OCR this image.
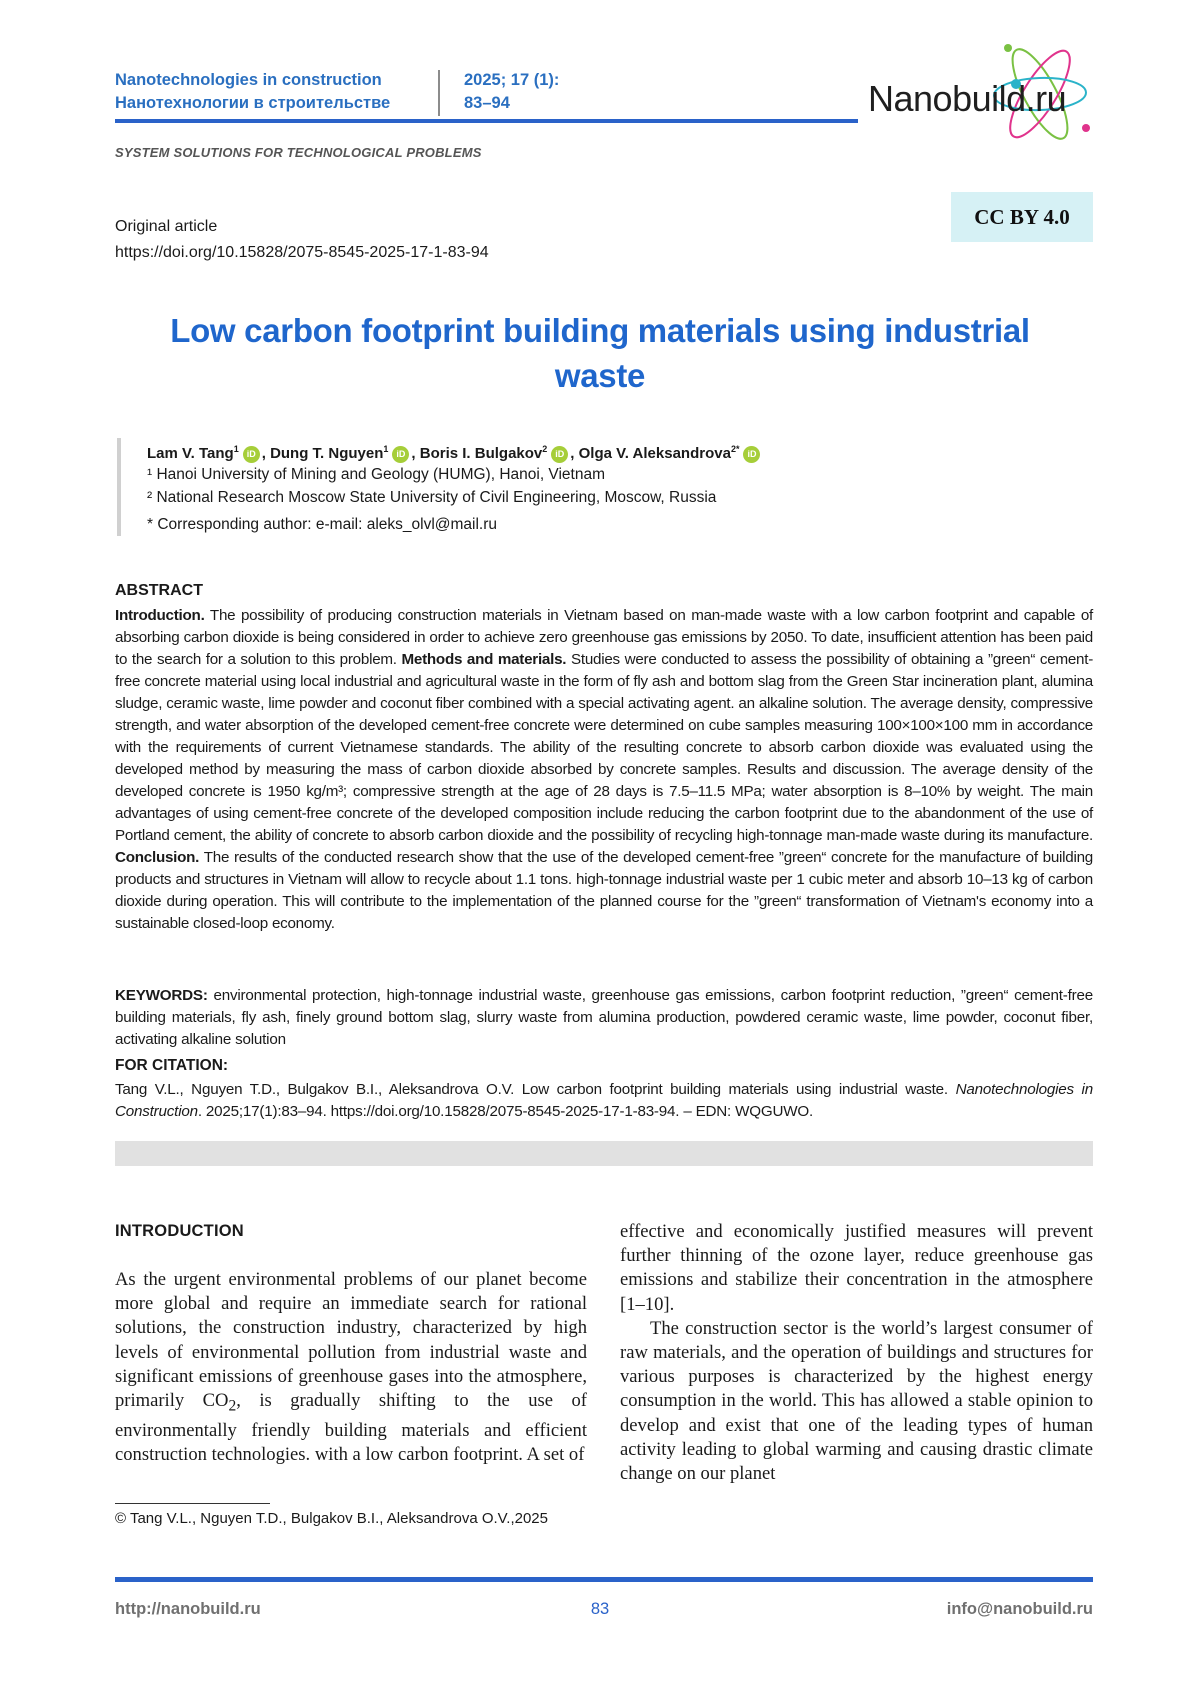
Nanotechnologies in construction
Нанотехнологии в строительстве
2025; 17 (1):
83–94	Nanobuild.ru
SYSTEM SOLUTIONS FOR TECHNOLOGICAL PROBLEMS
Original article
https://doi.org/10.15828/2075-8545-2025-17-1-83-94
CC BY 4.0
Low carbon footprint building materials using industrial waste
Lam V. Tang$^1$ iD , Dung T. Nguyen$^1$ iD , Boris I. Bulgakov$^2$ iD , Olga V. Aleksandrova$^{2*}$ iD
¹ Hanoi University of Mining and Geology (HUMG), Hanoi, Vietnam
² National Research Moscow State University of Civil Engineering, Moscow, Russia
* Corresponding author: e-mail: aleks_olvl@mail.ru
ABSTRACT
Introduction. The possibility of producing construction materials in Vietnam based on man-made waste with a low carbon footprint and capable of absorbing carbon dioxide is being considered in order to achieve zero greenhouse gas emissions by 2050. To date, insufficient attention has been paid to the search for a solution to this problem. Methods and materials. Studies were conducted to assess the possibility of obtaining a ”green“ cement-free concrete material using local industrial and agricultural waste in the form of fly ash and bottom slag from the Green Star incineration plant, alumina sludge, ceramic waste, lime powder and coconut fiber combined with a special activating agent. an alkaline solution. The average density, compressive strength, and water absorption of the developed cement-free concrete were determined on cube samples measuring 100×100×100 mm in accordance with the requirements of current Vietnamese standards. The ability of the resulting concrete to absorb carbon dioxide was evaluated using the developed method by measuring the mass of carbon dioxide absorbed by concrete samples. Results and discussion. The average density of the developed concrete is 1950 kg/m³; compressive strength at the age of 28 days is 7.5–11.5 MPa; water absorption is 8–10% by weight. The main advantages of using cement-free concrete of the developed composition include reducing the carbon footprint due to the abandonment of the use of Portland cement, the ability of concrete to absorb carbon dioxide and the possibility of recycling high-tonnage man-made waste during its manufacture. Conclusion. The results of the conducted research show that the use of the developed cement-free ”green“ concrete for the manufacture of building products and structures in Vietnam will allow to recycle about 1.1 tons. high-tonnage industrial waste per 1 cubic meter and absorb 10–13 kg of carbon dioxide during operation. This will contribute to the implementation of the planned course for the ”green“ transformation of Vietnam's economy into a sustainable closed-loop economy.
KEYWORDS: environmental protection, high-tonnage industrial waste, greenhouse gas emissions, carbon footprint reduction, ”green“ cement-free building materials, fly ash, finely ground bottom slag, slurry waste from alumina production, powdered ceramic waste, lime powder, coconut fiber, activating alkaline solution
FOR CITATION:
Tang V.L., Nguyen T.D., Bulgakov B.I., Aleksandrova O.V. Low carbon footprint building materials using industrial waste. Nanotechnologies in Construction. 2025;17(1):83–94. https://doi.org/10.15828/2075-8545-2025-17-1-83-94. – EDN: WQGUWO.
INTRODUCTION

As the urgent environmental problems of our planet become more global and require an immediate search for rational solutions, the construction industry, characterized by high levels of environmental pollution from industrial waste and significant emissions of greenhouse gases into the atmosphere, primarily $CO_2$, is gradually shifting to the use of environmentally friendly building materials and efficient construction technologies. with a low carbon footprint. A set of

effective and economically justified measures will prevent further thinning of the ozone layer, reduce greenhouse gas emissions and stabilize their concentration in the atmosphere [1–10].

The construction sector is the world’s largest consumer of raw materials, and the operation of buildings and structures for various purposes is characterized by the highest energy consumption in the world. This has allowed a stable opinion to develop and exist that one of the leading types of human activity leading to global warming and causing drastic climate change on our planet

© Tang V.L., Nguyen T.D., Bulgakov B.I., Aleksandrova O.V.,2025
http://nanobuild.ru	83	info@nanobuild.ru
